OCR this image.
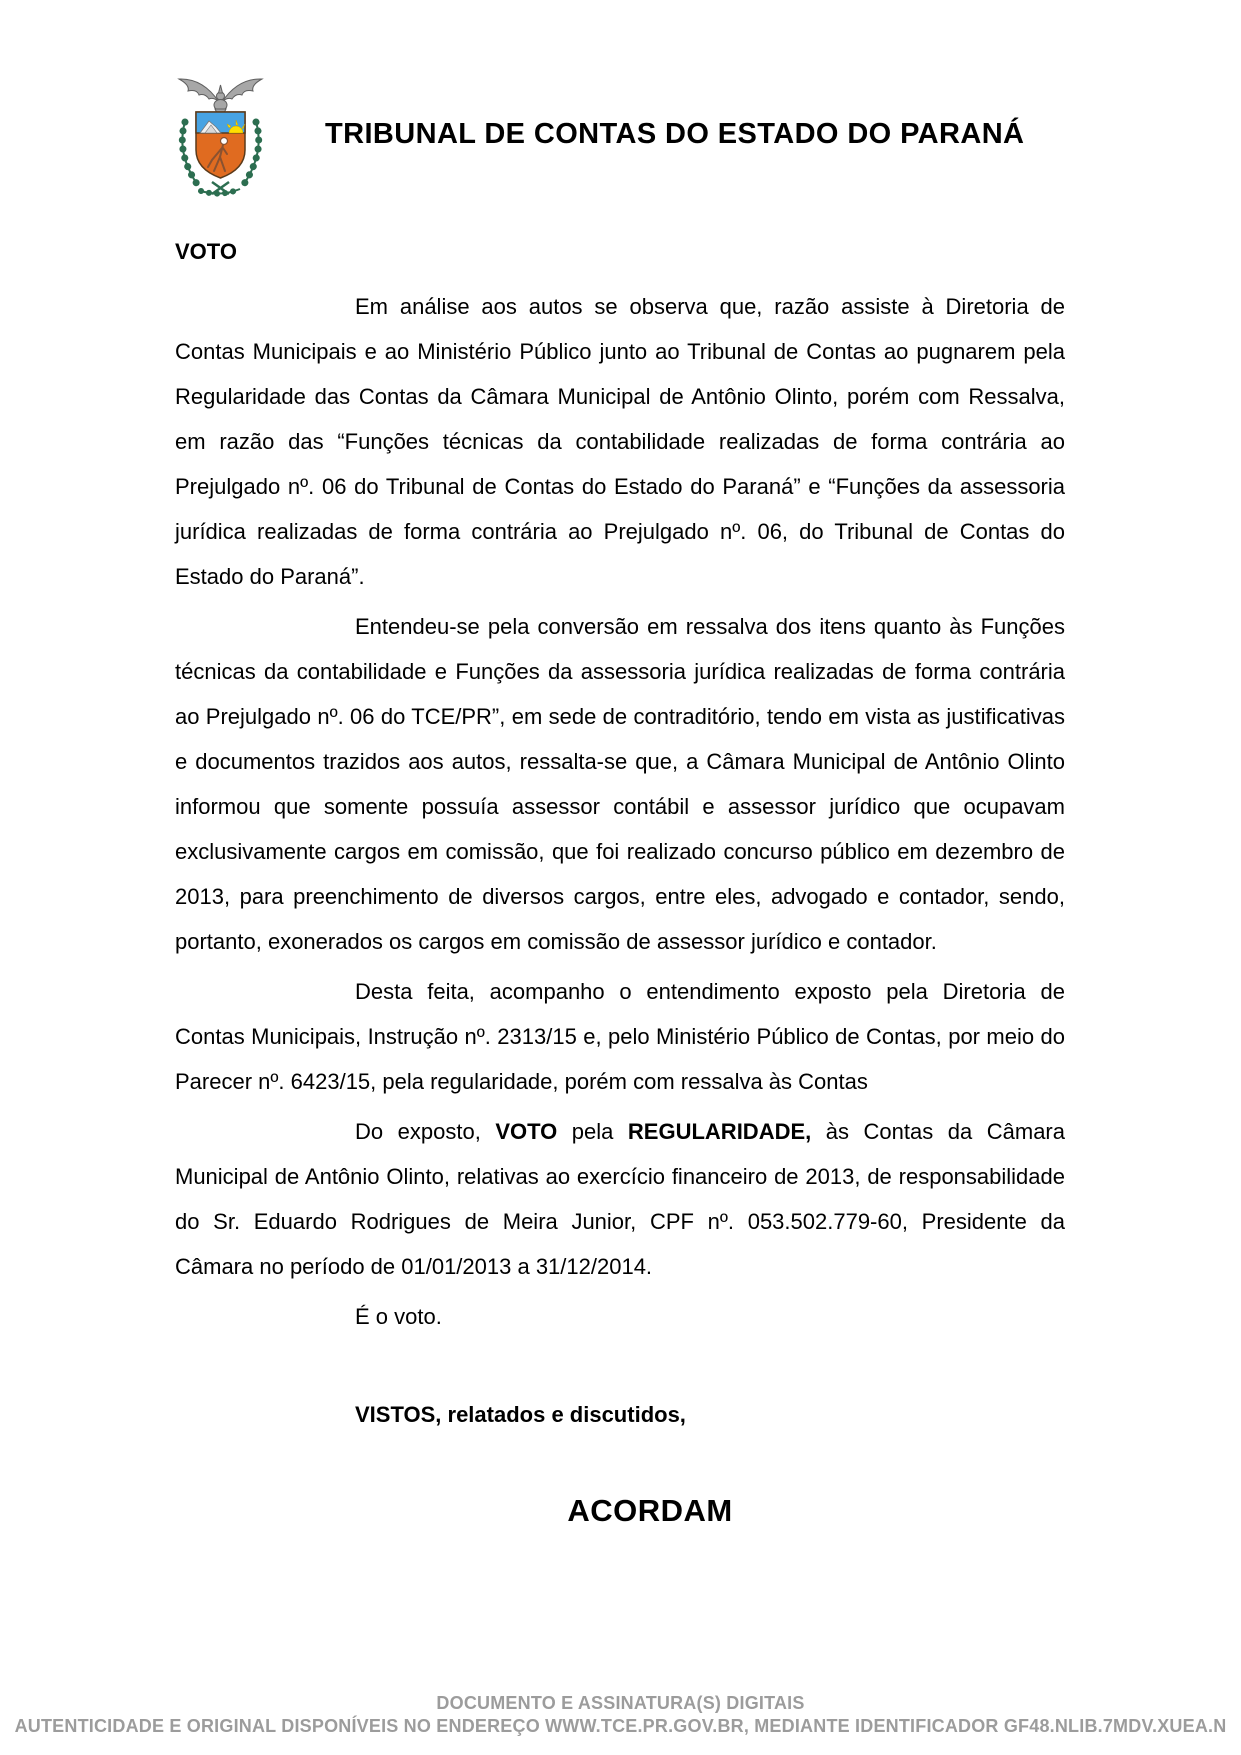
TRIBUNAL DE CONTAS DO ESTADO DO PARANÁ
VOTO

Em análise aos autos se observa que, razão assiste à Diretoria de Contas Municipais e ao Ministério Público junto ao Tribunal de Contas ao pugnarem pela Regularidade das Contas da Câmara Municipal de Antônio Olinto, porém com Ressalva, em razão das “Funções técnicas da contabilidade realizadas de forma contrária ao Prejulgado nº. 06 do Tribunal de Contas do Estado do Paraná” e “Funções da assessoria jurídica realizadas de forma contrária ao Prejulgado nº. 06, do Tribunal de Contas do Estado do Paraná”.

Entendeu-se pela conversão em ressalva dos itens quanto às Funções técnicas da contabilidade e Funções da assessoria jurídica realizadas de forma contrária ao Prejulgado nº. 06 do TCE/PR”, em sede de contraditório, tendo em vista as justificativas e documentos trazidos aos autos, ressalta-se que, a Câmara Municipal de Antônio Olinto informou que somente possuía assessor contábil e assessor jurídico que ocupavam exclusivamente cargos em comissão, que foi realizado concurso público em dezembro de 2013, para preenchimento de diversos cargos, entre eles, advogado e contador, sendo, portanto, exonerados os cargos em comissão de assessor jurídico e contador.

Desta feita, acompanho o entendimento exposto pela Diretoria de Contas Municipais, Instrução nº. 2313/15 e, pelo Ministério Público de Contas, por meio do Parecer nº. 6423/15, pela regularidade, porém com ressalva às Contas

Do exposto, VOTO pela REGULARIDADE, às Contas da Câmara Municipal de Antônio Olinto, relativas ao exercício financeiro de 2013, de responsabilidade do Sr. Eduardo Rodrigues de Meira Junior, CPF nº. 053.502.779-60, Presidente da Câmara no período de 01/01/2013 a 31/12/2014.

É o voto.

VISTOS, relatados e discutidos,

ACORDAM

DOCUMENTO E ASSINATURA(S) DIGITAIS
AUTENTICIDADE E ORIGINAL DISPONÍVEIS NO ENDEREÇO WWW.TCE.PR.GOV.BR, MEDIANTE IDENTIFICADOR GF48.NLIB.7MDV.XUEA.N
